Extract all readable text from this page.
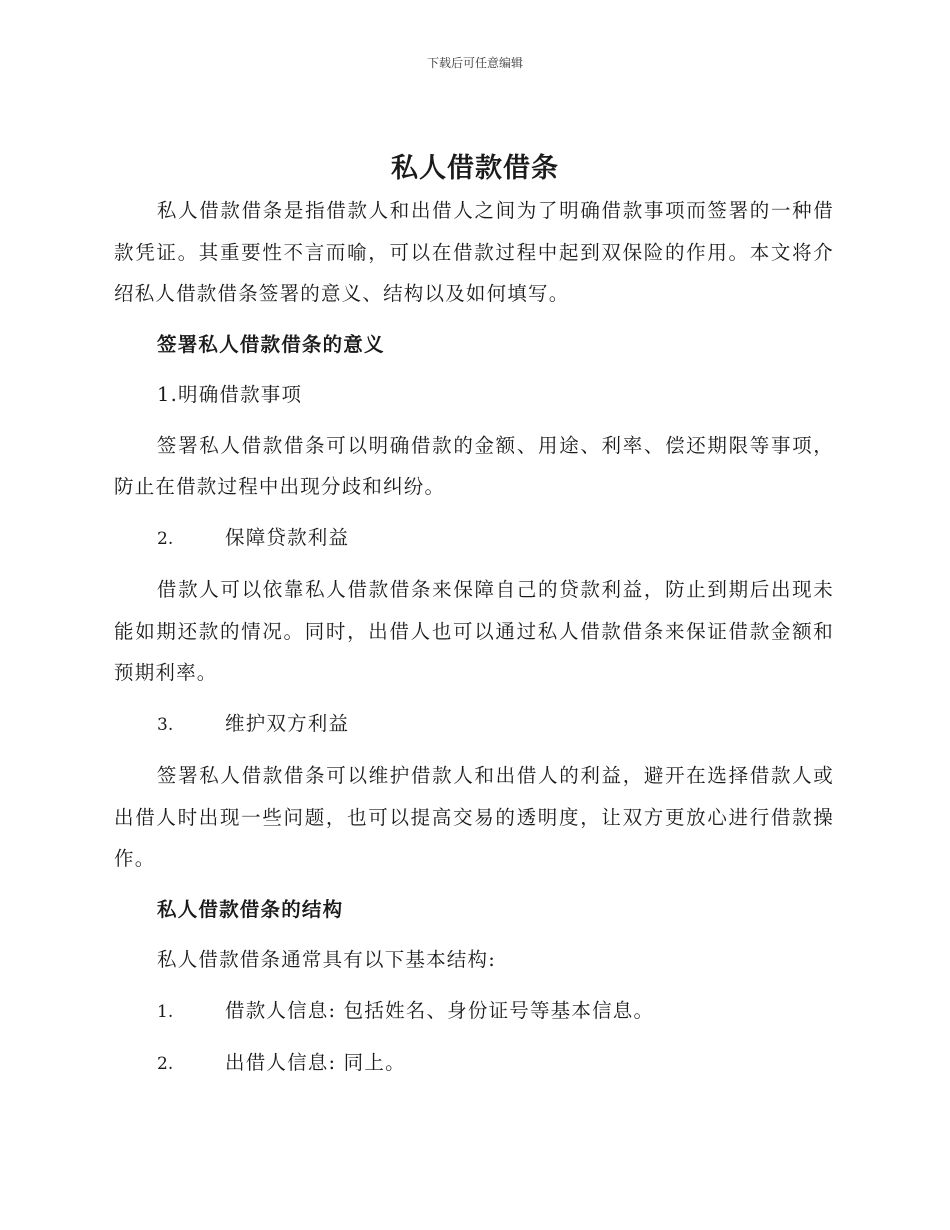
下载后可任意编辑
私人借款借条

私人借款借条是指借款人和出借人之间为了明确借款事项而签署的一种借款凭证。其重要性不言而喻，可以在借款过程中起到双保险的作用。本文将介绍私人借款借条签署的意义、结构以及如何填写。

签署私人借款借条的意义

1.明确借款事项

签署私人借款借条可以明确借款的金额、用途、利率、偿还期限等事项，防止在借款过程中出现分歧和纠纷。

2.	保障贷款利益

借款人可以依靠私人借款借条来保障自己的贷款利益，防止到期后出现未能如期还款的情况。同时，出借人也可以通过私人借款借条来保证借款金额和预期利率。

3.	维护双方利益

签署私人借款借条可以维护借款人和出借人的利益，避开在选择借款人或出借人时出现一些问题，也可以提高交易的透明度，让双方更放心进行借款操作。

私人借款借条的结构

私人借款借条通常具有以下基本结构:

1.	借款人信息: 包括姓名、身份证号等基本信息。

2.	出借人信息: 同上。
